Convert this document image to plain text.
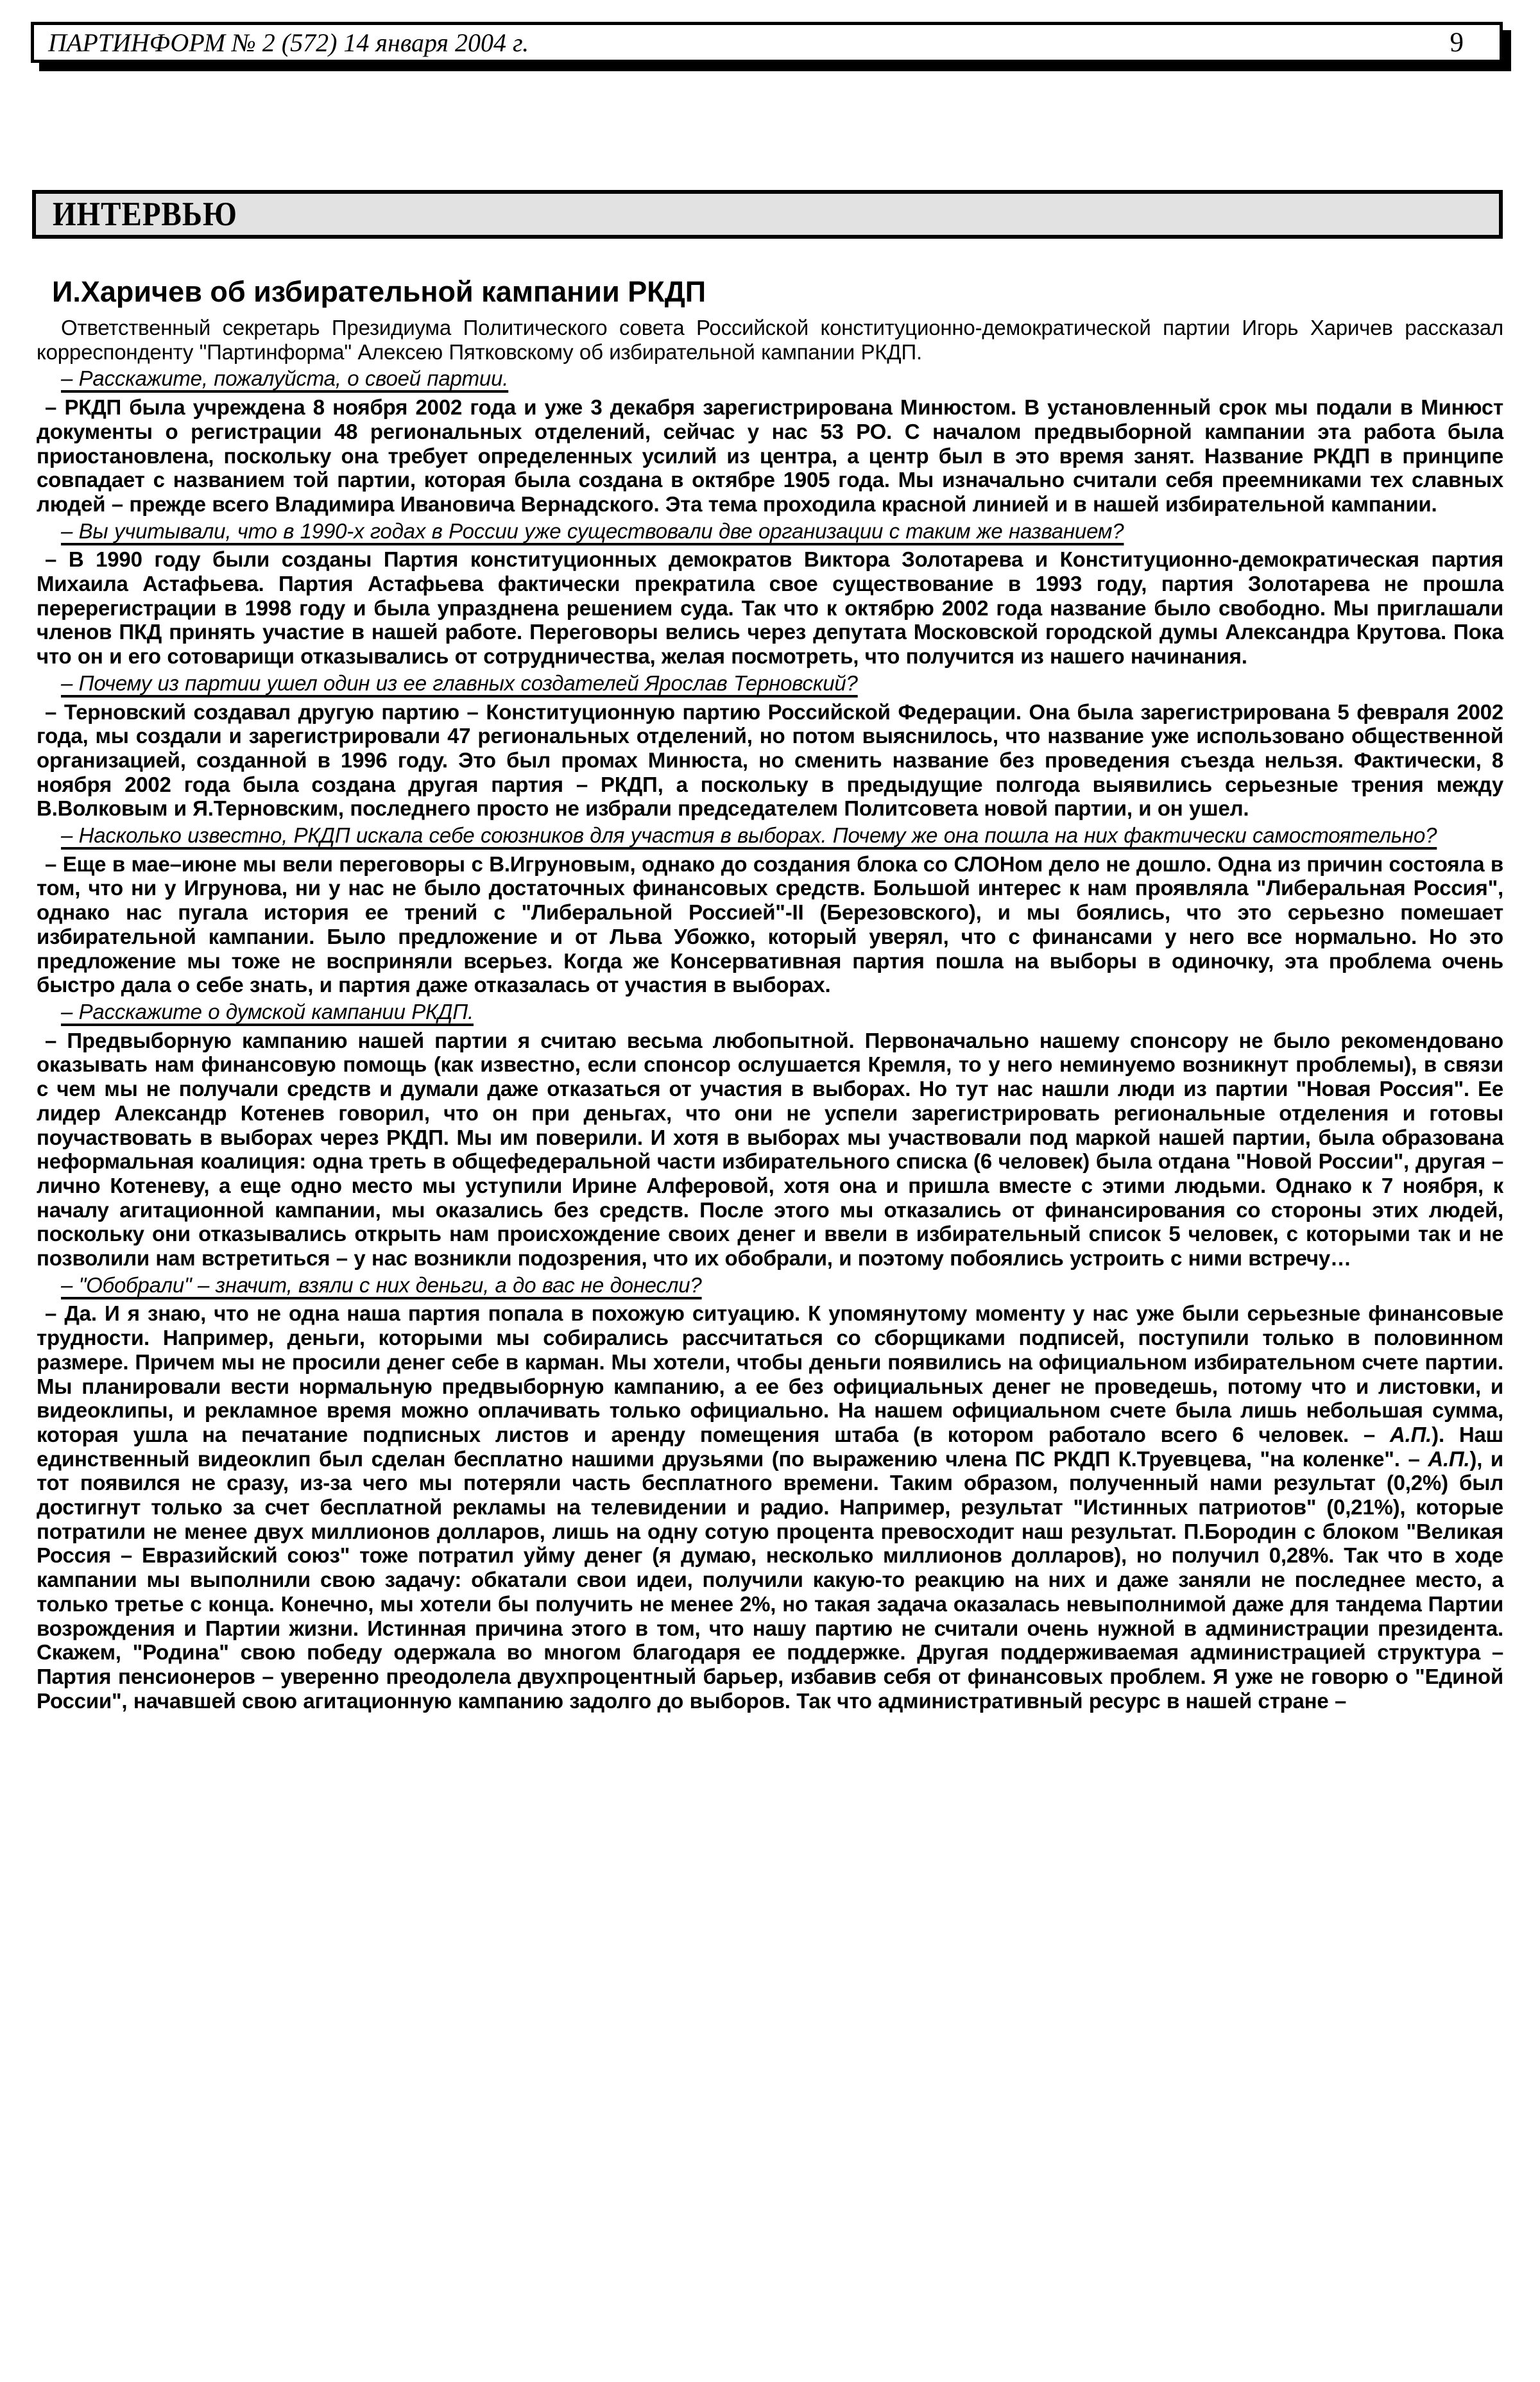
ПАРТИНФОРМ № 2 (572) 14 января 2004 г.	9
ИНТЕРВЬЮ
И.Харичев об избирательной кампании РКДП

Ответственный секретарь Президиума Политического совета Российской конституционно-демократической партии Игорь Харичев рассказал корреспонденту "Партинформа" Алексею Пятковскому об избирательной кампании РКДП.

– Расскажите, пожалуйста, о своей партии.

– РКДП была учреждена 8 ноября 2002 года и уже 3 декабря зарегистрирована Минюстом. В установленный срок мы подали в Минюст документы о регистрации 48 региональных отделений, сейчас у нас 53 РО. С началом предвыборной кампании эта работа была приостановлена, поскольку она требует определенных усилий из центра, а центр был в это время занят. Название РКДП в принципе совпадает с названием той партии, которая была создана в октябре 1905 года. Мы изначально считали себя преемниками тех славных людей – прежде всего Владимира Ивановича Вернадского. Эта тема проходила красной линией и в нашей избирательной кампании.

– Вы учитывали, что в 1990-х годах в России уже существовали две организации с таким же названием?

– В 1990 году были созданы Партия конституционных демократов Виктора Золотарева и Конституционно-демократическая партия Михаила Астафьева. Партия Астафьева фактически прекратила свое существование в 1993 году, партия Золотарева не прошла перерегистрации в 1998 году и была упразднена решением суда. Так что к октябрю 2002 года название было свободно. Мы приглашали членов ПКД принять участие в нашей работе. Переговоры велись через депутата Московской городской думы Александра Крутова. Пока что он и его сотоварищи отказывались от сотрудничества, желая посмотреть, что получится из нашего начинания.

– Почему из партии ушел один из ее главных создателей Ярослав Терновский?

– Терновский создавал другую партию – Конституционную партию Российской Федерации. Она была зарегистрирована 5 февраля 2002 года, мы создали и зарегистрировали 47 региональных отделений, но потом выяснилось, что название уже использовано общественной организацией, созданной в 1996 году. Это был промах Минюста, но сменить название без проведения съезда нельзя. Фактически, 8 ноября 2002 года была создана другая партия – РКДП, а поскольку в предыдущие полгода выявились серьезные трения между В.Волковым и Я.Терновским, последнего просто не избрали председателем Политсовета новой партии, и он ушел.

– Насколько известно, РКДП искала себе союзников для участия в выборах. Почему же она пошла на них фактически самостоятельно?

– Еще в мае–июне мы вели переговоры с В.Игруновым, однако до создания блока со СЛОНом дело не дошло. Одна из причин состояла в том, что ни у Игрунова, ни у нас не было достаточных финансовых средств. Большой интерес к нам проявляла "Либеральная Россия", однако нас пугала история ее трений с "Либеральной Россией"-II (Березовского), и мы боялись, что это серьезно помешает избирательной кампании. Было предложение и от Льва Убожко, который уверял, что с финансами у него все нормально. Но это предложение мы тоже не восприняли всерьез. Когда же Консервативная партия пошла на выборы в одиночку, эта проблема очень быстро дала о себе знать, и партия даже отказалась от участия в выборах.

– Расскажите о думской кампании РКДП.

– Предвыборную кампанию нашей партии я считаю весьма любопытной. Первоначально нашему спонсору не было рекомендовано оказывать нам финансовую помощь (как известно, если спонсор ослушается Кремля, то у него неминуемо возникнут проблемы), в связи с чем мы не получали средств и думали даже отказаться от участия в выборах. Но тут нас нашли люди из партии "Новая Россия". Ее лидер Александр Котенев говорил, что он при деньгах, что они не успели зарегистрировать региональные отделения и готовы поучаствовать в выборах через РКДП. Мы им поверили. И хотя в выборах мы участвовали под маркой нашей партии, была образована неформальная коалиция: одна треть в общефедеральной части избирательного списка (6 человек) была отдана "Новой России", другая – лично Котеневу, а еще одно место мы уступили Ирине Алферовой, хотя она и пришла вместе с этими людьми. Однако к 7 ноября, к началу агитационной кампании, мы оказались без средств. После этого мы отказались от финансирования со стороны этих людей, поскольку они отказывались открыть нам происхождение своих денег и ввели в избирательный список 5 человек, с которыми так и не позволили нам встретиться – у нас возникли подозрения, что их обобрали, и поэтому побоялись устроить с ними встречу…

– "Обобрали" – значит, взяли с них деньги, а до вас не донесли?

– Да. И я знаю, что не одна наша партия попала в похожую ситуацию. К упомянутому моменту у нас уже были серьезные финансовые трудности. Например, деньги, которыми мы собирались рассчитаться со сборщиками подписей, поступили только в половинном размере. Причем мы не просили денег себе в карман. Мы хотели, чтобы деньги появились на официальном избирательном счете партии. Мы планировали вести нормальную предвыборную кампанию, а ее без официальных денег не проведешь, потому что и листовки, и видеоклипы, и рекламное время можно оплачивать только официально. На нашем официальном счете была лишь небольшая сумма, которая ушла на печатание подписных листов и аренду помещения штаба (в котором работало всего 6 человек. – А.П.). Наш единственный видеоклип был сделан бесплатно нашими друзьями (по выражению члена ПС РКДП К.Труевцева, "на коленке". – А.П.), и тот появился не сразу, из-за чего мы потеряли часть бесплатного времени. Таким образом, полученный нами результат (0,2%) был достигнут только за счет бесплатной рекламы на телевидении и радио. Например, результат "Истинных патриотов" (0,21%), которые потратили не менее двух миллионов долларов, лишь на одну сотую процента превосходит наш результат. П.Бородин с блоком "Великая Россия – Евразийский союз" тоже потратил уйму денег (я думаю, несколько миллионов долларов), но получил 0,28%. Так что в ходе кампании мы выполнили свою задачу: обкатали свои идеи, получили какую-то реакцию на них и даже заняли не последнее место, а только третье с конца. Конечно, мы хотели бы получить не менее 2%, но такая задача оказалась невыполнимой даже для тандема Партии возрождения и Партии жизни. Истинная причина этого в том, что нашу партию не считали очень нужной в администрации президента. Скажем, "Родина" свою победу одержала во многом благодаря ее поддержке. Другая поддерживаемая администрацией структура – Партия пенсионеров – уверенно преодолела двухпроцентный барьер, избавив себя от финансовых проблем. Я уже не говорю о "Единой России", начавшей свою агитационную кампанию задолго до выборов. Так что административный ресурс в нашей стране –
